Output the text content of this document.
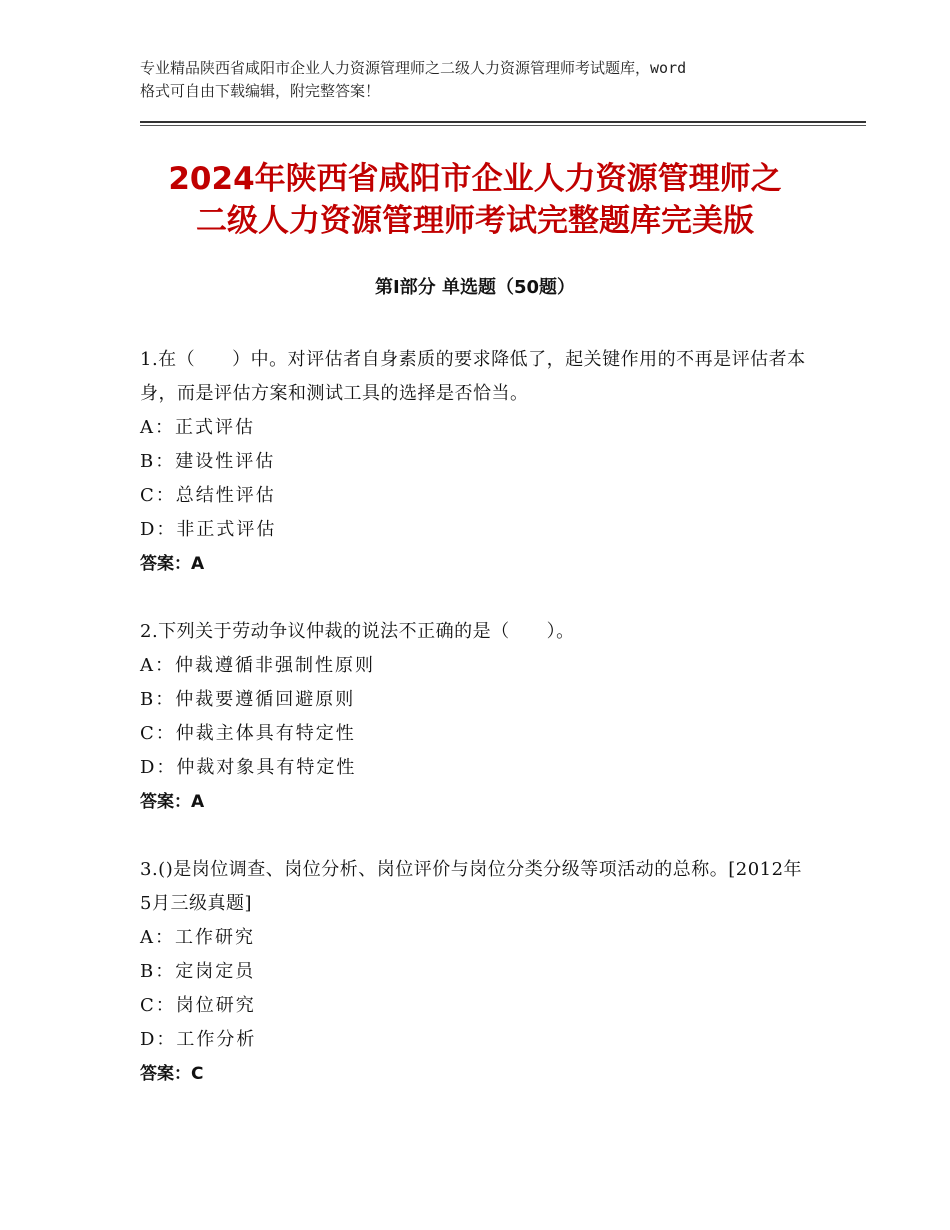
专业精品陕西省咸阳市企业人力资源管理师之二级人力资源管理师考试题库，word
格式可自由下载编辑，附完整答案！
2024年陕西省咸阳市企业人力资源管理师之
二级人力资源管理师考试完整题库完美版
第I部分 单选题（50题）
1.在（　　）中。对评估者自身素质的要求降低了，起关键作用的不再是评估者本身，而是评估方案和测试工具的选择是否恰当。
A：正式评估
B：建设性评估
C：总结性评估
D：非正式评估
答案：A
2.下列关于劳动争议仲裁的说法不正确的是（　　）。
A：仲裁遵循非强制性原则
B：仲裁要遵循回避原则
C：仲裁主体具有特定性
D：仲裁对象具有特定性
答案：A
3.()是岗位调查、岗位分析、岗位评价与岗位分类分级等项活动的总称。[2012年5月三级真题]
A：工作研究
B：定岗定员
C：岗位研究
D：工作分析
答案：C
